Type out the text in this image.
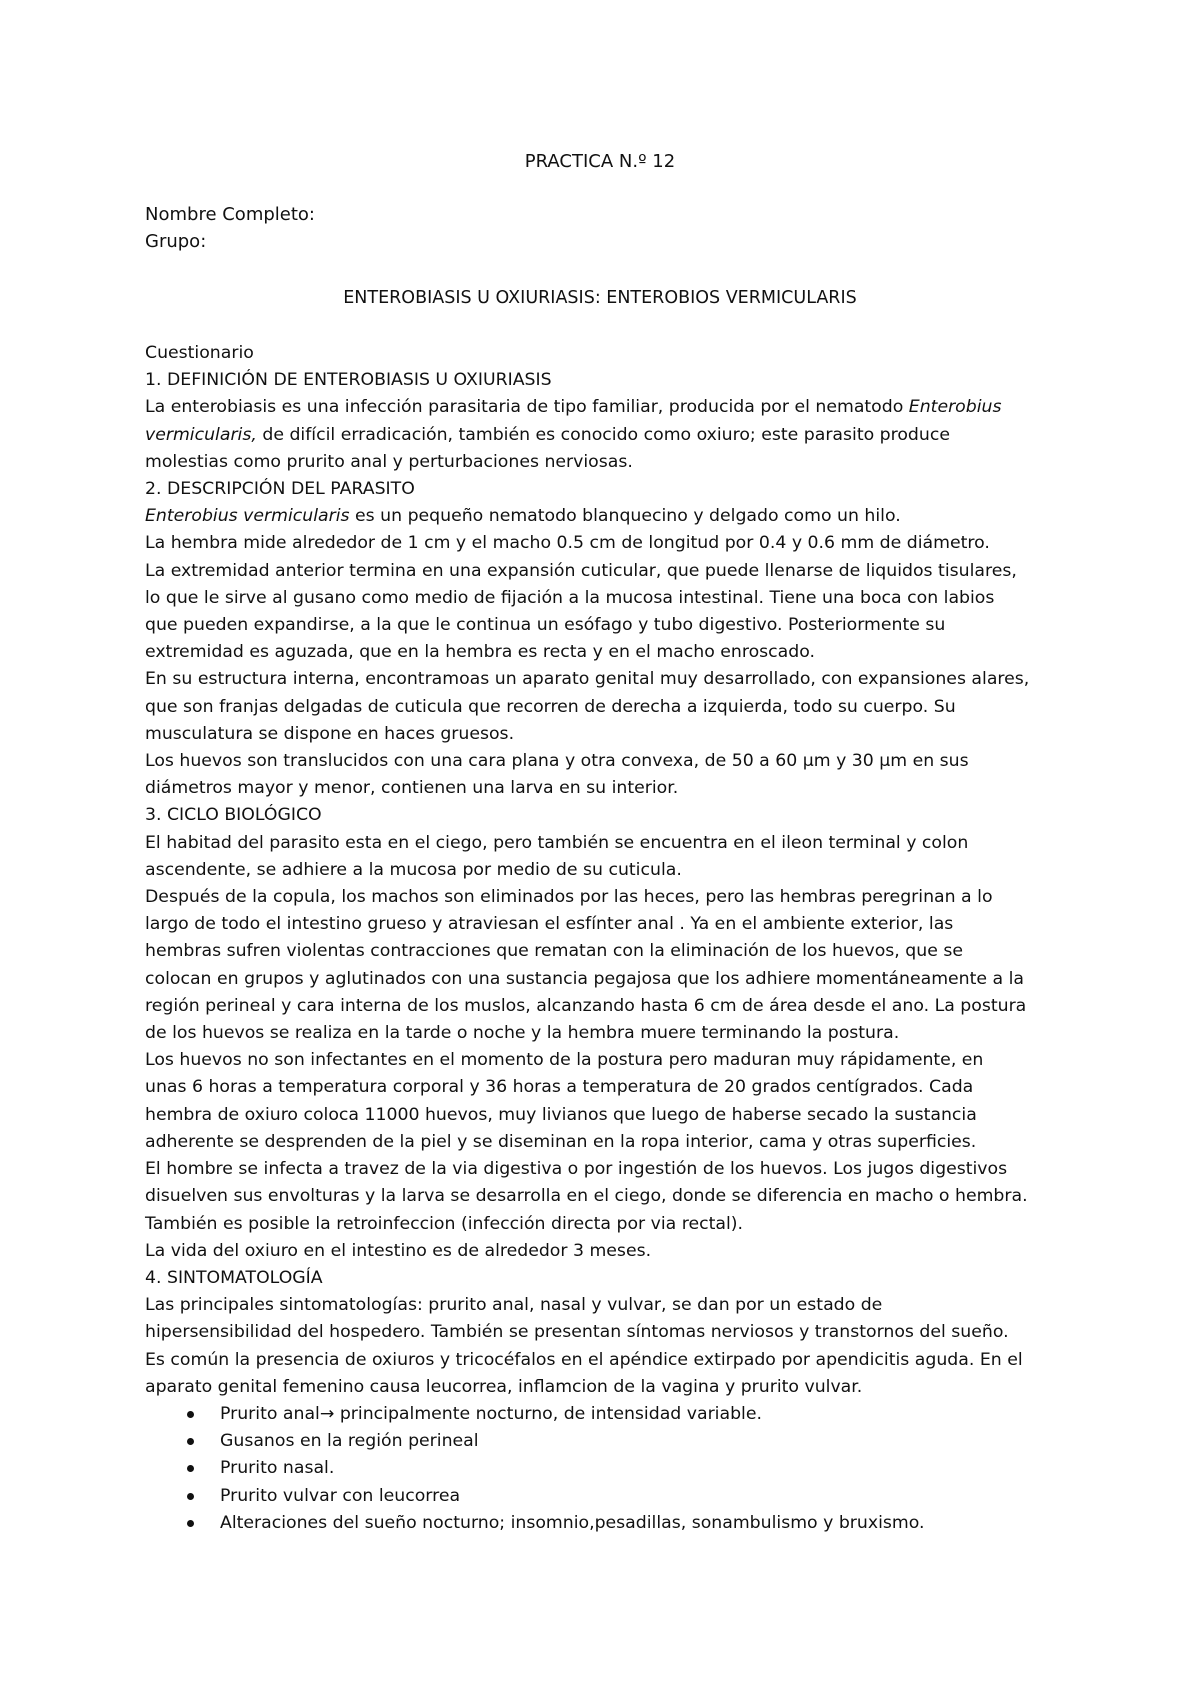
PRACTICA N.º 12
Nombre Completo:
Grupo:
ENTEROBIASIS U OXIURIASIS: ENTEROBIOS VERMICULARIS

Cuestionario

1. DEFINICIÓN DE ENTEROBIASIS U OXIURIASIS

La enterobiasis es una infección parasitaria de tipo familiar, producida por el nematodo Enterobius

vermicularis, de difícil erradicación, también es conocido como oxiuro; este parasito produce

molestias como prurito anal y perturbaciones nerviosas.

2. DESCRIPCIÓN DEL PARASITO

Enterobius vermicularis es un pequeño nematodo blanquecino y delgado como un hilo.

La hembra mide alrededor de 1 cm y el macho 0.5 cm de longitud por 0.4 y 0.6 mm de diámetro.

La extremidad anterior termina en una expansión cuticular, que puede llenarse de liquidos tisulares,

lo que le sirve al gusano como medio de fijación a la mucosa intestinal. Tiene una boca con labios

que pueden expandirse, a la que le continua un esófago y tubo digestivo. Posteriormente su

extremidad es aguzada, que en la hembra es recta y en el macho enroscado.

En su estructura interna, encontramoas un aparato genital muy desarrollado, con expansiones alares,

que son franjas delgadas de cuticula que recorren de derecha a izquierda, todo su cuerpo. Su

musculatura se dispone en haces gruesos.

Los huevos son translucidos con una cara plana y otra convexa, de 50 a 60 µm y 30 µm en sus

diámetros mayor y menor, contienen una larva en su interior.

3. CICLO BIOLÓGICO

El habitad del parasito esta en el ciego, pero también se encuentra en el ileon terminal y colon

ascendente, se adhiere a la mucosa por medio de su cuticula.

Después de la copula, los machos son eliminados por las heces, pero las hembras peregrinan a lo

largo de todo el intestino grueso y atraviesan el esfínter anal . Ya en el ambiente exterior, las

hembras sufren violentas contracciones que rematan con la eliminación de los huevos, que se

colocan en grupos y aglutinados con una sustancia pegajosa que los adhiere momentáneamente a la

región perineal y cara interna de los muslos, alcanzando hasta 6 cm de área desde el ano. La postura

de los huevos se realiza en la tarde o noche y la hembra muere terminando la postura.

Los huevos no son infectantes en el momento de la postura pero maduran muy rápidamente, en

unas 6 horas a temperatura corporal y 36 horas a temperatura de 20 grados centígrados. Cada

hembra de oxiuro coloca 11000 huevos, muy livianos que luego de haberse secado la sustancia

adherente se desprenden de la piel y se diseminan en la ropa interior, cama y otras superficies.

El hombre se infecta a travez de la via digestiva o por ingestión de los huevos. Los jugos digestivos

disuelven sus envolturas y la larva se desarrolla en el ciego, donde se diferencia en macho o hembra.

También es posible la retroinfeccion (infección directa por via rectal).

La vida del oxiuro en el intestino es de alrededor 3 meses.

4. SINTOMATOLOGÍA

Las principales sintomatologías: prurito anal, nasal y vulvar, se dan por un estado de

hipersensibilidad del hospedero. También se presentan síntomas nerviosos y transtornos del sueño.

Es común la presencia de oxiuros y tricocéfalos en el apéndice extirpado por apendicitis aguda. En el

aparato genital femenino causa leucorrea, inflamcion de la vagina y prurito vulvar.

Prurito anal→ principalmente nocturno, de intensidad variable.
Gusanos en la región perineal
Prurito nasal.
Prurito vulvar con leucorrea
Alteraciones del sueño nocturno; insomnio,pesadillas, sonambulismo y bruxismo.
